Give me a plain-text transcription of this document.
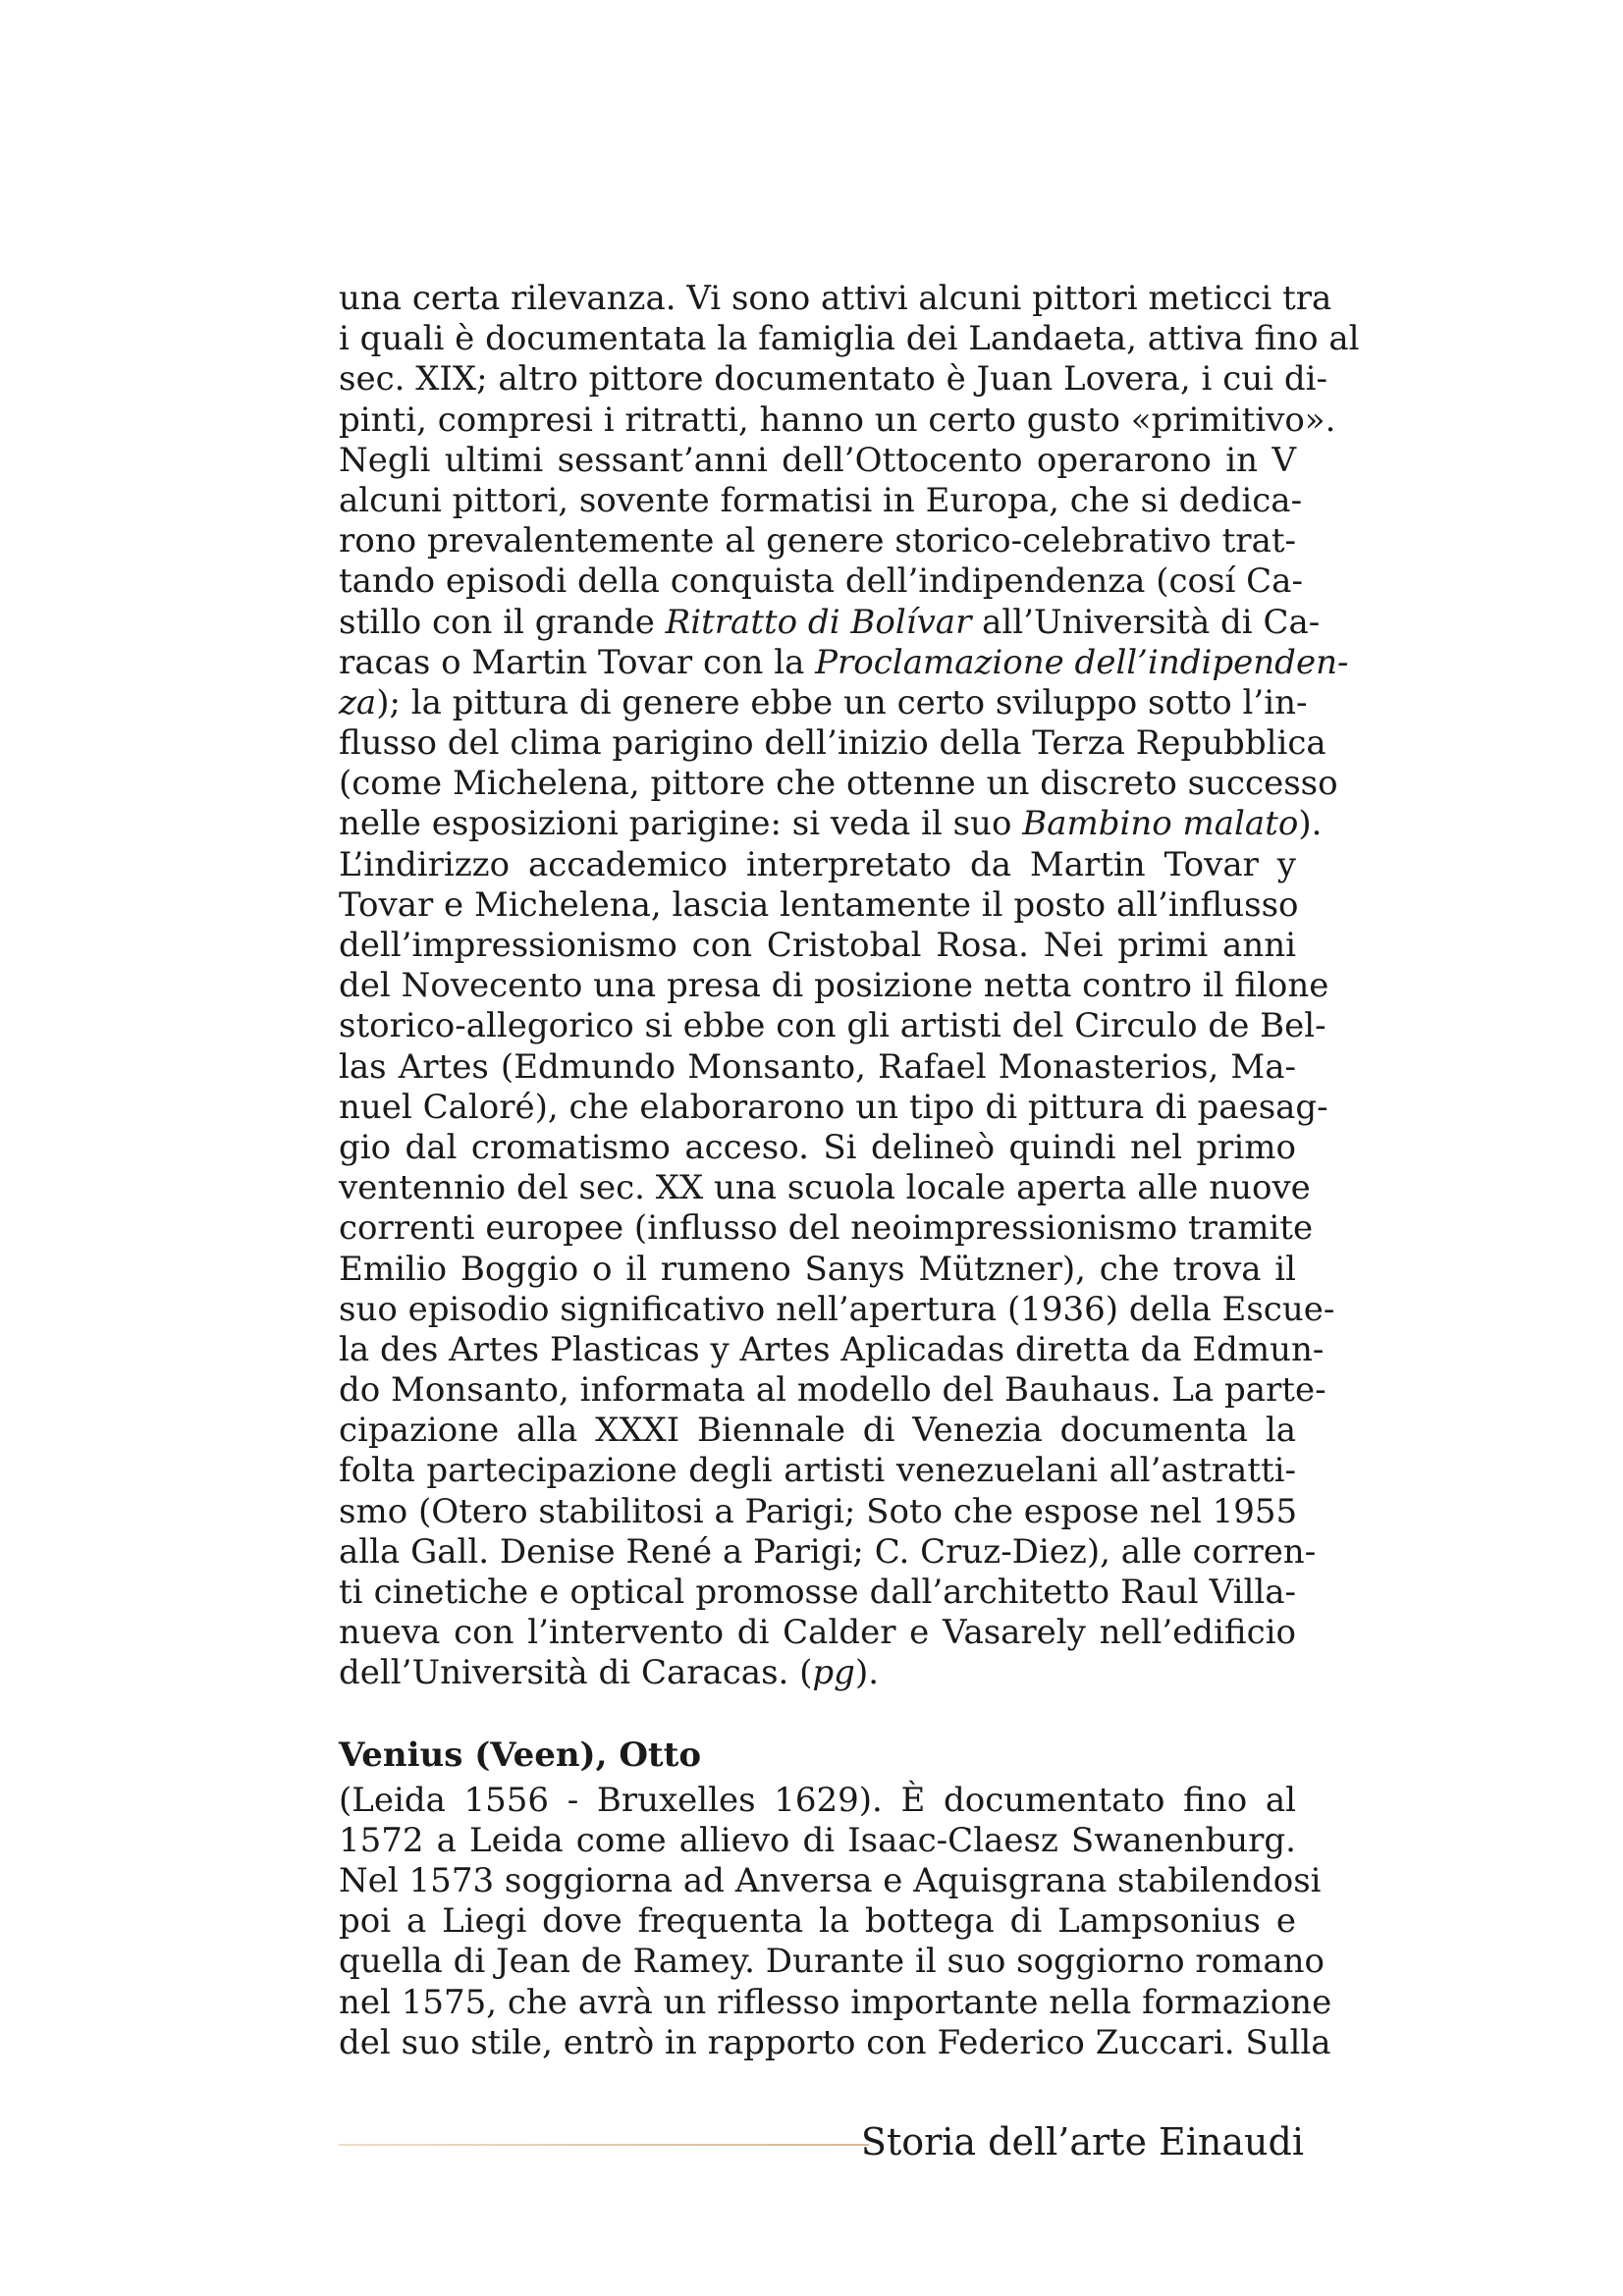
una certa rilevanza. Vi sono attivi alcuni pittori meticci tra
i quali è documentata la famiglia dei Landaeta, attiva fino al
sec. XIX; altro pittore documentato è Juan Lovera, i cui di-
pinti, compresi i ritratti, hanno un certo gusto «primitivo».
Negli ultimi sessant’anni dell’Ottocento operarono in V
alcuni pittori, sovente formatisi in Europa, che si dedica-
rono prevalentemente al genere storico-celebrativo trat-
tando episodi della conquista dell’indipendenza (cosí Ca-
stillo con il grande Ritratto di Bolívar all’Università di Ca-
racas o Martin Tovar con la Proclamazione dell’indipenden-
za); la pittura di genere ebbe un certo sviluppo sotto l’in-
flusso del clima parigino dell’inizio della Terza Repubblica
(come Michelena, pittore che ottenne un discreto successo
nelle esposizioni parigine: si veda il suo Bambino malato).
L’indirizzo accademico interpretato da Martin Tovar y
Tovar e Michelena, lascia lentamente il posto all’influsso
dell’impressionismo con Cristobal Rosa. Nei primi anni
del Novecento una presa di posizione netta contro il filone
storico-allegorico si ebbe con gli artisti del Circulo de Bel-
las Artes (Edmundo Monsanto, Rafael Monasterios, Ma-
nuel Caloré), che elaborarono un tipo di pittura di paesag-
gio dal cromatismo acceso. Si delineò quindi nel primo
ventennio del sec. XX una scuola locale aperta alle nuove
correnti europee (influsso del neoimpressionismo tramite
Emilio Boggio o il rumeno Sanys Mützner), che trova il
suo episodio significativo nell’apertura (1936) della Escue-
la des Artes Plasticas y Artes Aplicadas diretta da Edmun-
do Monsanto, informata al modello del Bauhaus. La parte-
cipazione alla XXXI Biennale di Venezia documenta la
folta partecipazione degli artisti venezuelani all’astratti-
smo (Otero stabilitosi a Parigi; Soto che espose nel 1955
alla Gall. Denise René a Parigi; C. Cruz-Diez), alle corren-
ti cinetiche e optical promosse dall’architetto Raul Villa-
nueva con l’intervento di Calder e Vasarely nell’edificio
dell’Università di Caracas. (pg).
Venius (Veen), Otto
(Leida 1556 - Bruxelles 1629). È documentato fino al
1572 a Leida come allievo di Isaac-Claesz Swanenburg.
Nel 1573 soggiorna ad Anversa e Aquisgrana stabilendosi
poi a Liegi dove frequenta la bottega di Lampsonius e
quella di Jean de Ramey. Durante il suo soggiorno romano
nel 1575, che avrà un riflesso importante nella formazione
del suo stile, entrò in rapporto con Federico Zuccari. Sulla
Storia dell’arte Einaudi
